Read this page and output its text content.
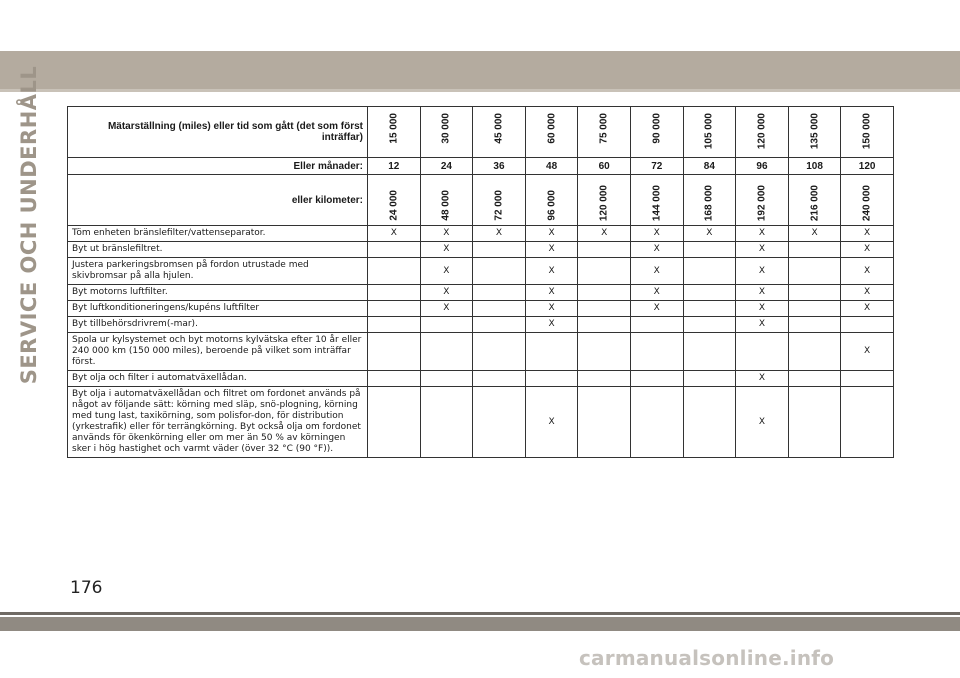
SERVICE OCH UNDERHÅLL	Mätarställning (miles) eller tid som gått (det som först inträffar)	15 000	30 000	45 000	60 000	75 000	90 000	105 000	120 000	135 000	150 000

Eller månader:	12	24	36	48	60	72	84	96	108	120
eller kilometer:	24 000	48 000	72 000	96 000	120 000	144 000	168 000	192 000	216 000	240 000

Töm enheten bränslefilter/vattenseparator.	X	X	X	X	X	X	X	X	X	X
Byt ut bränslefiltret.		X		X		X		X		X
Justera parkeringsbromsen på fordon utrustade med skivbromsar på alla hjulen.		X		X		X		X		X
Byt motorns luftfilter.		X		X		X		X		X
Byt luftkonditioneringens/kupéns luftfilter		X		X		X		X		X
Byt tillbehörsdrivrem(-mar).				X				X		
Spola ur kylsystemet och byt motorns kylvätska efter 10 år eller 240 000 km (150 000 miles), beroende på vilket som inträffar först.										X
Byt olja och filter i automatväxellådan.								X		
Byt olja i automatväxellådan och filtret om fordonet används på något av följande sätt: körning med släp, snö-plogning, körning med tung last, taxikörning, som polisfor-don, för distribution (yrkestrafik) eller för terrängkörning. Byt också olja om fordonet används för ökenkörning eller om mer än 50 % av körningen sker i hög hastighet och varmt väder (över 32 °C (90 °F)).				X				X		
176
carmanualsonline.info
